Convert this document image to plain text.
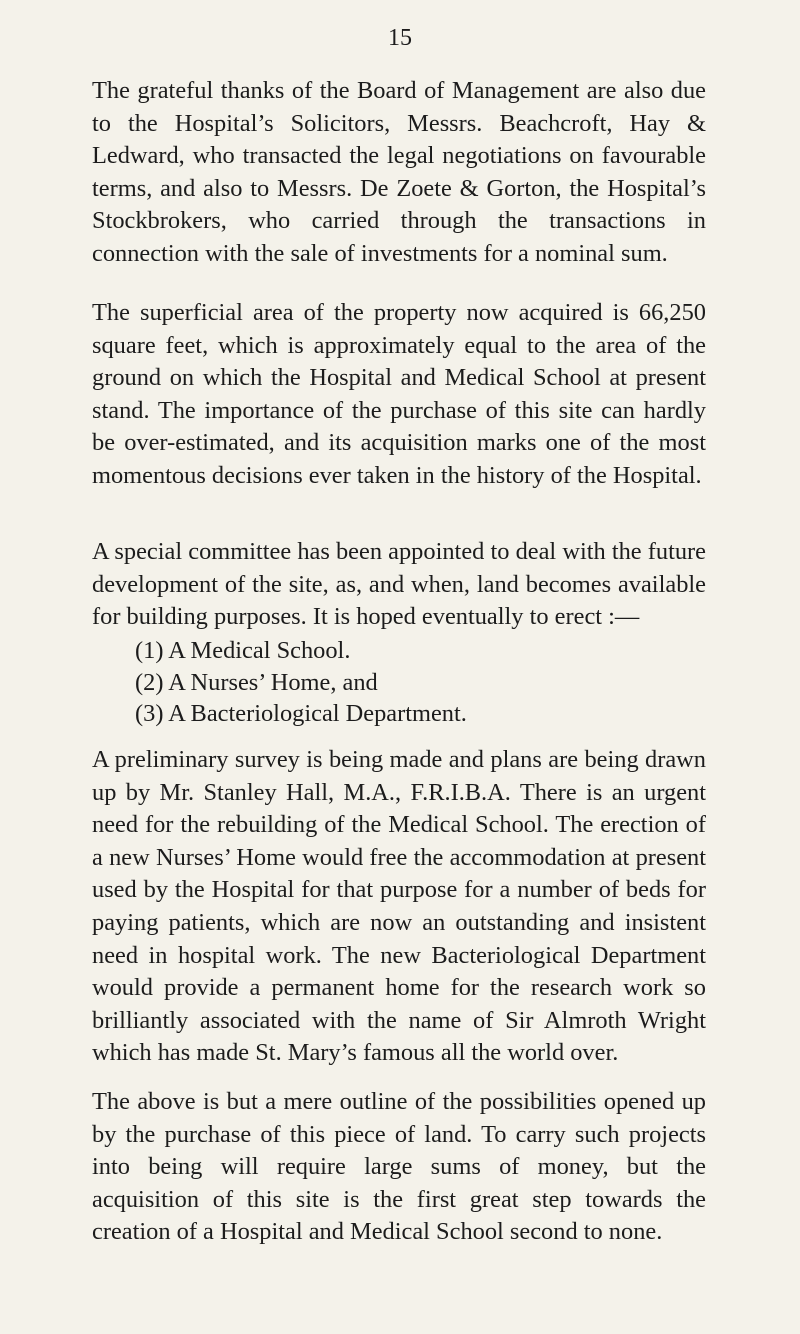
15

The grateful thanks of the Board of Management are also due to the Hospital’s Solicitors, Messrs. Beachcroft, Hay & Ledward, who transacted the legal negotiations on favourable terms, and also to Messrs. De Zoete & Gorton, the Hospital’s Stockbrokers, who carried through the transactions in connection with the sale of investments for a nominal sum.

The superficial area of the property now acquired is 66,250 square feet, which is approximately equal to the area of the ground on which the Hospital and Medical School at present stand. The importance of the purchase of this site can hardly be over-estimated, and its acquisition marks one of the most momentous decisions ever taken in the history of the Hospital.

A special committee has been appointed to deal with the future development of the site, as, and when, land becomes available for building purposes. It is hoped eventually to erect :—

(1) A Medical School.
(2) A Nurses’ Home, and
(3) A Bacteriological Department.

A preliminary survey is being made and plans are being drawn up by Mr. Stanley Hall, M.A., F.R.I.B.A. There is an urgent need for the rebuilding of the Medical School. The erection of a new Nurses’ Home would free the accommodation at present used by the Hospital for that purpose for a number of beds for paying patients, which are now an outstanding and insistent need in hospital work. The new Bacteriological Department would provide a permanent home for the research work so brilliantly associated with the name of Sir Almroth Wright which has made St. Mary’s famous all the world over.

The above is but a mere outline of the possibilities opened up by the purchase of this piece of land. To carry such projects into being will require large sums of money, but the acquisition of this site is the first great step towards the creation of a Hospital and Medical School second to none.
